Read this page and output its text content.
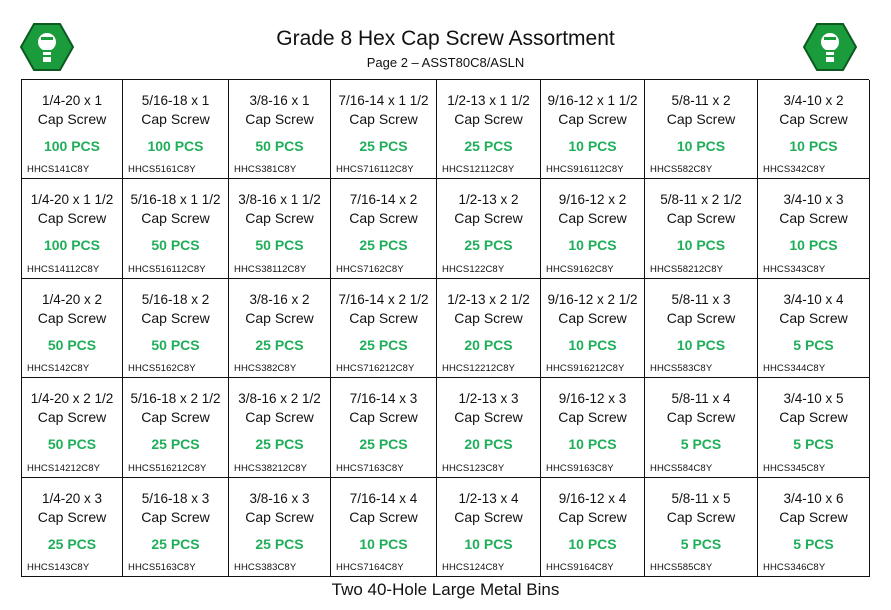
Grade 8 Hex Cap Screw Assortment
Page 2 – ASST80C8/ASLN
1/4-20 x 1
Cap Screw
100 PCS
HHCS141C8Y
5/16-18 x 1
Cap Screw
100 PCS
HHCS5161C8Y
3/8-16 x 1
Cap Screw
50 PCS
HHCS381C8Y
7/16-14 x 1 1/2
Cap Screw
25 PCS
HHCS716112C8Y
1/2-13 x 1 1/2
Cap Screw
25 PCS
HHCS12112C8Y
9/16-12 x 1 1/2
Cap Screw
10 PCS
HHCS916112C8Y
5/8-11 x 2
Cap Screw
10 PCS
HHCS582C8Y
3/4-10 x 2
Cap Screw
10 PCS
HHCS342C8Y
1/4-20 x 1 1/2
Cap Screw
100 PCS
HHCS14112C8Y
5/16-18 x 1 1/2
Cap Screw
50 PCS
HHCS516112C8Y
3/8-16 x 1 1/2
Cap Screw
50 PCS
HHCS38112C8Y
7/16-14 x 2
Cap Screw
25 PCS
HHCS7162C8Y
1/2-13 x 2
Cap Screw
25 PCS
HHCS122C8Y
9/16-12 x 2
Cap Screw
10 PCS
HHCS9162C8Y
5/8-11 x 2 1/2
Cap Screw
10 PCS
HHCS58212C8Y
3/4-10 x 3
Cap Screw
10 PCS
HHCS343C8Y
1/4-20 x 2
Cap Screw
50 PCS
HHCS142C8Y
5/16-18 x 2
Cap Screw
50 PCS
HHCS5162C8Y
3/8-16 x 2
Cap Screw
25 PCS
HHCS382C8Y
7/16-14 x 2 1/2
Cap Screw
25 PCS
HHCS716212C8Y
1/2-13 x 2 1/2
Cap Screw
20 PCS
HHCS12212C8Y
9/16-12 x 2 1/2
Cap Screw
10 PCS
HHCS916212C8Y
5/8-11 x 3
Cap Screw
10 PCS
HHCS583C8Y
3/4-10 x 4
Cap Screw
5 PCS
HHCS344C8Y
1/4-20 x 2 1/2
Cap Screw
50 PCS
HHCS14212C8Y
5/16-18 x 2 1/2
Cap Screw
25 PCS
HHCS516212C8Y
3/8-16 x 2 1/2
Cap Screw
25 PCS
HHCS38212C8Y
7/16-14 x 3
Cap Screw
25 PCS
HHCS7163C8Y
1/2-13 x 3
Cap Screw
20 PCS
HHCS123C8Y
9/16-12 x 3
Cap Screw
10 PCS
HHCS9163C8Y
5/8-11 x 4
Cap Screw
5 PCS
HHCS584C8Y
3/4-10 x 5
Cap Screw
5 PCS
HHCS345C8Y
1/4-20 x 3
Cap Screw
25 PCS
HHCS143C8Y
5/16-18 x 3
Cap Screw
25 PCS
HHCS5163C8Y
3/8-16 x 3
Cap Screw
25 PCS
HHCS383C8Y
7/16-14 x 4
Cap Screw
10 PCS
HHCS7164C8Y
1/2-13 x 4
Cap Screw
10 PCS
HHCS124C8Y
9/16-12 x 4
Cap Screw
10 PCS
HHCS9164C8Y
5/8-11 x 5
Cap Screw
5 PCS
HHCS585C8Y
3/4-10 x 6
Cap Screw
5 PCS
HHCS346C8Y
Two 40-Hole Large Metal Bins
